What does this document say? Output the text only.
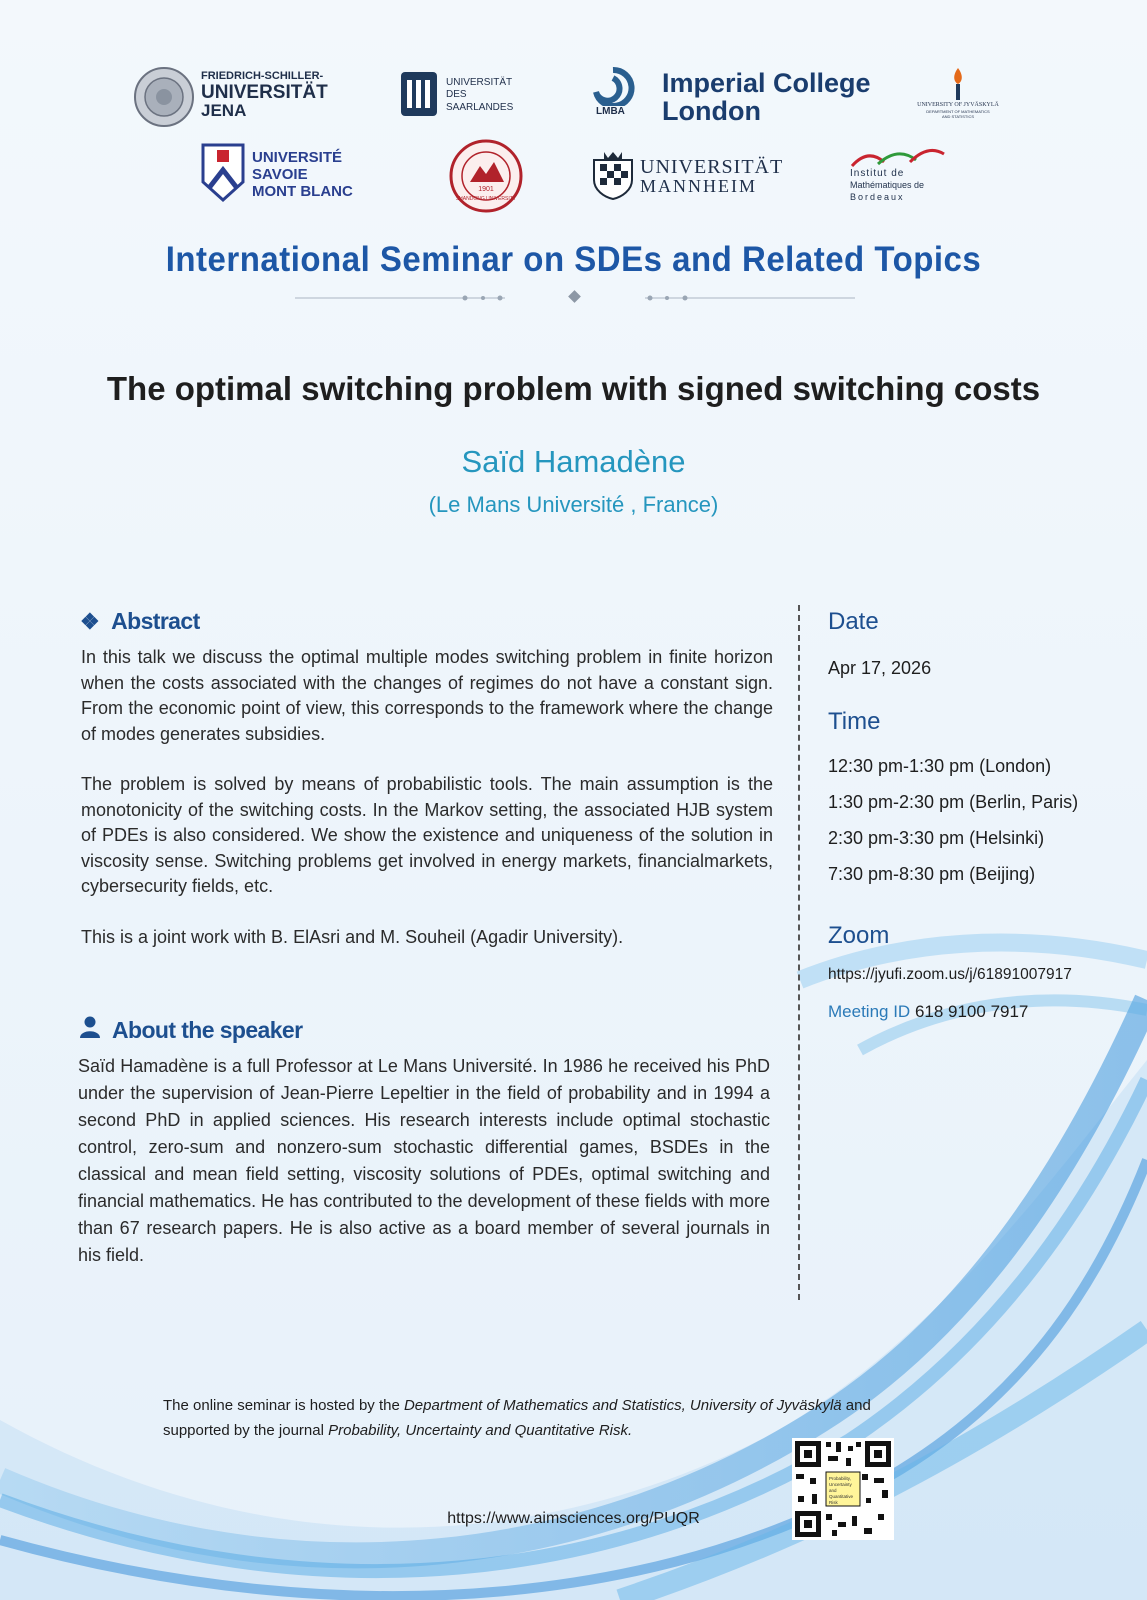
FRIEDRICH-SCHILLER-
UNIVERSITÄT
JENA
UNIVERSITÄT
DES
SAARLANDES	LMBA
Imperial College
London	UNIVERSITY OF JYVÄSKYLÄ
DEPARTMENT OF MATHEMATICS
AND STATISTICS
UNIVERSITÉ
SAVOIE
MONT BLANC	1901
SHANDONG UNIVERSITY
UNIVERSITÄT
MANNHEIM
Institut de
Mathématiques de
Bordeaux
International Seminar on SDEs and Related Topics
The optimal switching problem with signed switching costs
Saïd Hamadène
(Le Mans Université , France)
❖ Abstract
In this talk we discuss the optimal multiple modes switching problem in finite horizon when the costs associated with the changes of regimes do not have a constant sign. From the economic point of view, this corresponds to the framework where the change of modes generates subsidies.
The problem is solved by means of probabilistic tools. The main assumption is the monotonicity of the switching costs. In the Markov setting, the associated HJB system of PDEs is also considered. We show the existence and uniqueness of the solution in viscosity sense. Switching problems get involved in energy markets, financialmarkets, cybersecurity fields, etc.
This is a joint work with B. ElAsri and M. Souheil (Agadir University).
About the speaker
Saïd Hamadène is a full Professor at Le Mans Université. In 1986 he received his PhD under the supervision of Jean-Pierre Lepeltier in the field of probability and in 1994 a second PhD in applied sciences. His research interests include optimal stochastic control, zero-sum and nonzero-sum stochastic differential games, BSDEs in the classical and mean field setting, viscosity solutions of PDEs, optimal switching and financial mathematics. He has contributed to the development of these fields with more than 67 research papers. He is also active as a board member of several journals in his field.
Date
Apr 17, 2026
Time
12:30 pm-1:30 pm (London)
1:30 pm-2:30 pm (Berlin, Paris)
2:30 pm-3:30 pm (Helsinki)
7:30 pm-8:30 pm (Beijing)
Zoom
https://jyufi.zoom.us/j/61891007917
Meeting ID 618 9100 7917
The online seminar is hosted by the Department of Mathematics and Statistics, University of Jyväskylä and
supported by the journal Probability, Uncertainty and Quantitative Risk.
Probability,
Uncertainty and
Quantitative Risk
https://www.aimsciences.org/PUQR
